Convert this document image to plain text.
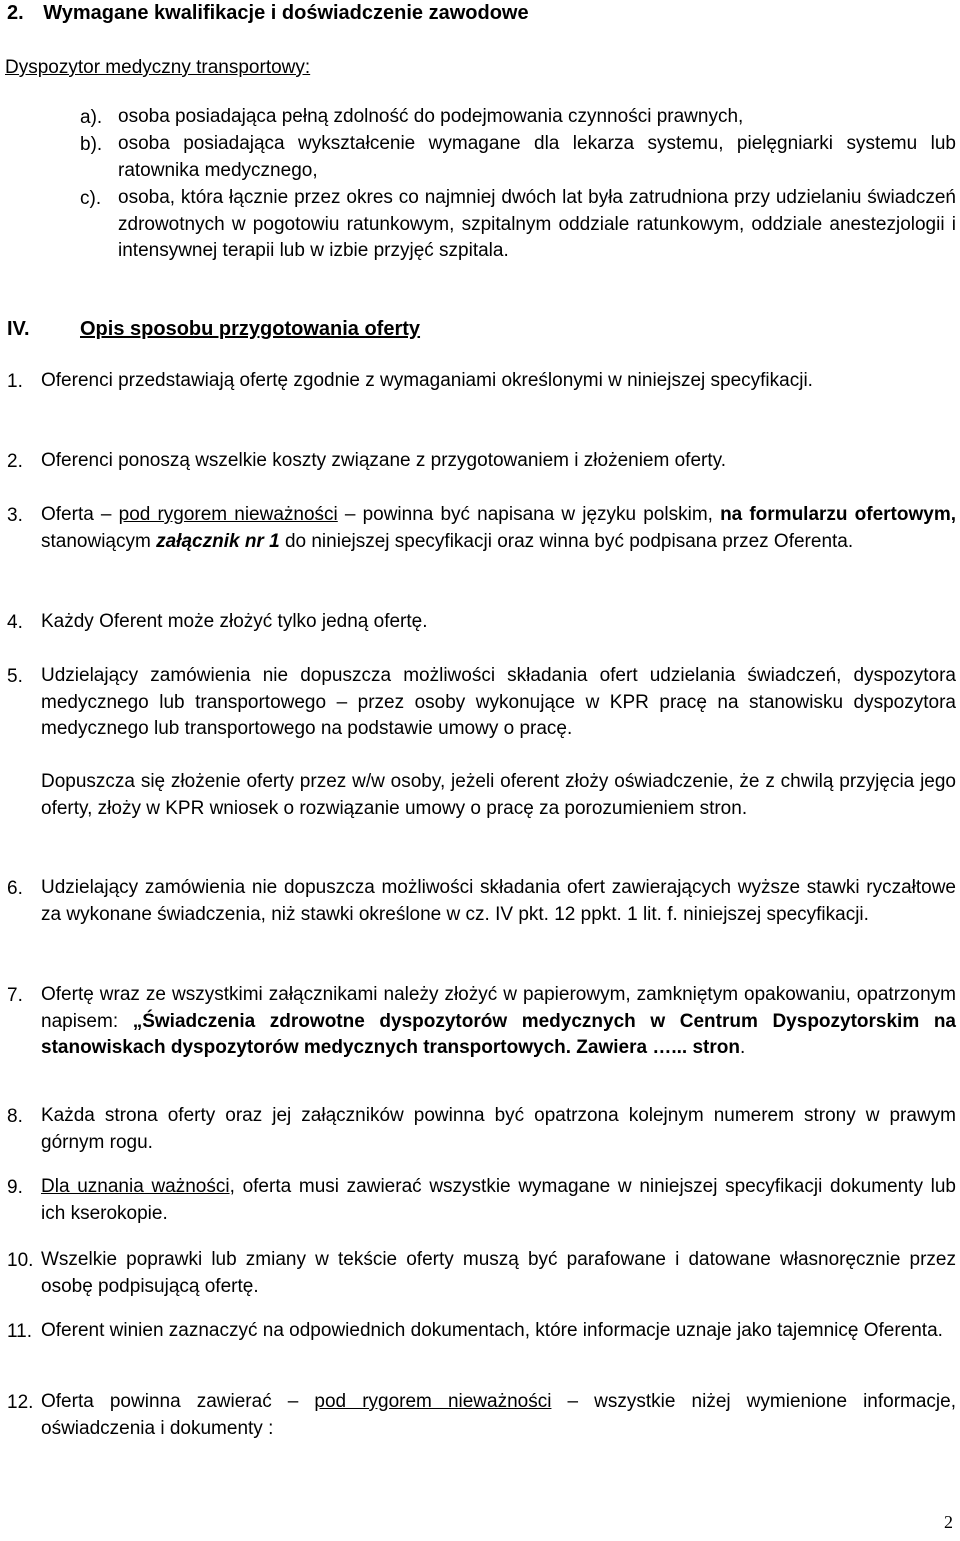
2. Wymagane kwalifikacje i doświadczenie zawodowe
Dyspozytor medyczny transportowy:
a). osoba posiadająca pełną zdolność do podejmowania czynności prawnych,
b). osoba posiadająca wykształcenie wymagane dla lekarza systemu, pielęgniarki systemu lub ratownika medycznego,
c). osoba, która łącznie przez okres co najmniej dwóch lat była zatrudniona przy udzielaniu świadczeń zdrowotnych w pogotowiu ratunkowym, szpitalnym oddziale ratunkowym, oddziale anestezjologii i intensywnej terapii lub w izbie przyjęć szpitala.
IV.	Opis sposobu przygotowania oferty
1. Oferenci przedstawiają ofertę zgodnie z wymaganiami określonymi w niniejszej specyfikacji.
2. Oferenci ponoszą wszelkie koszty związane z przygotowaniem i złożeniem oferty.
3. Oferta – pod rygorem nieważności – powinna być napisana w języku polskim, na formularzu ofertowym, stanowiącym załącznik nr 1 do niniejszej specyfikacji oraz winna być podpisana przez Oferenta.
4. Każdy Oferent może złożyć tylko jedną ofertę.
5. Udzielający zamówienia nie dopuszcza możliwości składania ofert udzielania świadczeń, dyspozytora medycznego lub transportowego – przez osoby wykonujące w KPR pracę na stanowisku dyspozytora medycznego lub transportowego na podstawie umowy o pracę.
Dopuszcza się złożenie oferty przez w/w osoby, jeżeli oferent złoży oświadczenie, że z chwilą przyjęcia jego oferty, złoży w KPR wniosek o rozwiązanie umowy o pracę za porozumieniem stron.
6. Udzielający zamówienia nie dopuszcza możliwości składania ofert zawierających wyższe stawki ryczałtowe za wykonane świadczenia, niż stawki określone w cz. IV pkt. 12 ppkt. 1 lit. f. niniejszej specyfikacji.
7. Ofertę wraz ze wszystkimi załącznikami należy złożyć w papierowym, zamkniętym opakowaniu, opatrzonym napisem: „Świadczenia zdrowotne dyspozytorów medycznych w Centrum Dyspozytorskim na stanowiskach dyspozytorów medycznych transportowych. Zawiera …... stron.
8. Każda strona oferty oraz jej załączników powinna być opatrzona kolejnym numerem strony w prawym górnym rogu.
9. Dla uznania ważności, oferta musi zawierać wszystkie wymagane w niniejszej specyfikacji dokumenty lub ich kserokopie.
10. Wszelkie poprawki lub zmiany w tekście oferty muszą być parafowane i datowane własnoręcznie przez osobę podpisującą ofertę.
11. Oferent winien zaznaczyć na odpowiednich dokumentach, które informacje uznaje jako tajemnicę Oferenta.
12. Oferta powinna zawierać – pod rygorem nieważności – wszystkie niżej wymienione informacje, oświadczenia i dokumenty :
2
